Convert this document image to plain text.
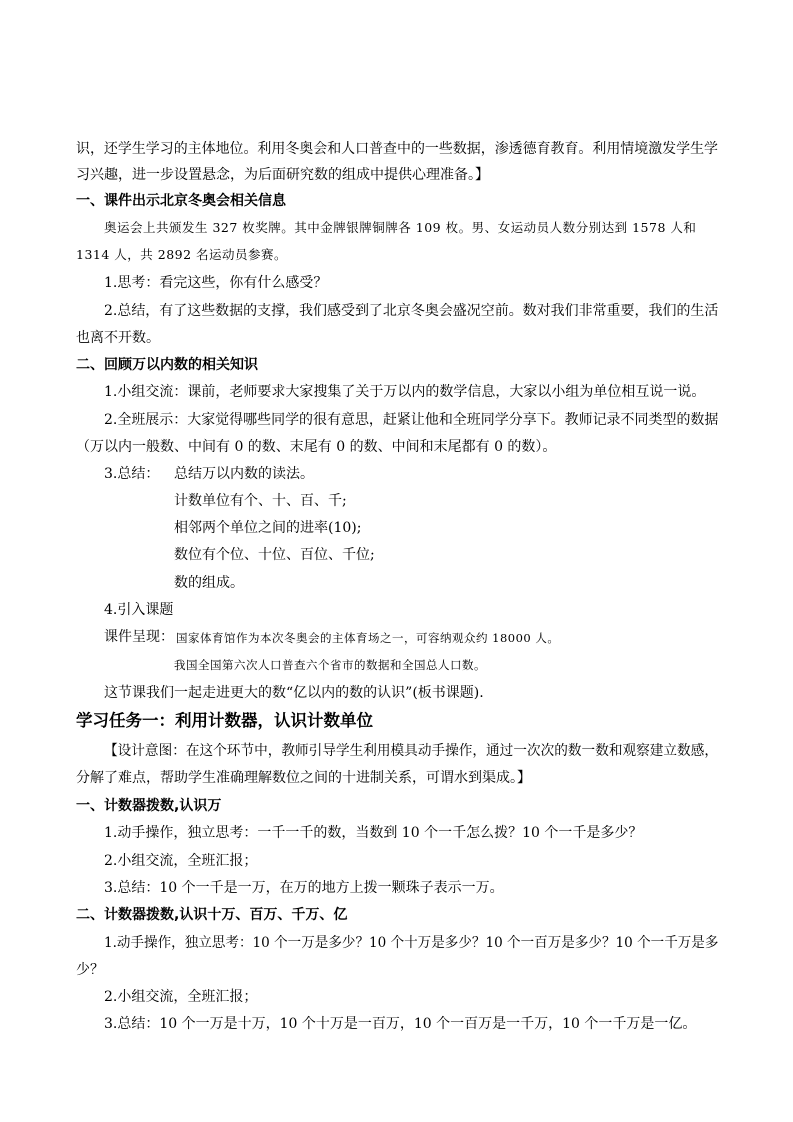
识，还学生学习的主体地位。利用冬奥会和人口普查中的一些数据，渗透德育教育。利用情境激发学生学
习兴趣，进一步设置悬念，为后面研究数的组成中提供心理准备。】
一、课件出示北京冬奥会相关信息
奥运会上共颁发生 327 枚奖牌。其中金牌银牌铜牌各 109 枚。男、女运动员人数分别达到 1578 人和
1314 人，共 2892 名运动员参赛。
1.思考：看完这些，你有什么感受？
2.总结，有了这些数据的支撑，我们感受到了北京冬奥会盛况空前。数对我们非常重要，我们的生活
也离不开数。
二、回顾万以内数的相关知识
1.小组交流：课前，老师要求大家搜集了关于万以内的数学信息，大家以小组为单位相互说一说。
2.全班展示：大家觉得哪些同学的很有意思，赶紧让他和全班同学分享下。教师记录不同类型的数据
（万以内一般数、中间有 0 的数、末尾有 0 的数、中间和末尾都有 0 的数）。
3.总结： 总结万以内数的读法。
计数单位有个、十、百、千;
相邻两个单位之间的进率(10);
数位有个位、十位、百位、千位;
数的组成。
4.引入课题
课件呈现： 国家体育馆作为本次冬奥会的主体育场之一，可容纳观众约 18000 人。
我国全国第六次人口普查六个省市的数据和全国总人口数。
这节课我们一起走进更大的数“亿以内的数的认识”(板书课题).
学习任务一：利用计数器，认识计数单位
【设计意图：在这个环节中，教师引导学生利用模具动手操作，通过一次次的数一数和观察建立数感，
分解了难点，帮助学生准确理解数位之间的十进制关系，可谓水到渠成。】
一、计数器拨数,认识万
1.动手操作，独立思考：一千一千的数，当数到 10 个一千怎么拨？10 个一千是多少？
2.小组交流，全班汇报；
3.总结：10 个一千是一万，在万的地方上拨一颗珠子表示一万。
二、计数器拨数,认识十万、百万、千万、亿
1.动手操作，独立思考：10 个一万是多少？10 个十万是多少？10 个一百万是多少？10 个一千万是多
少？
2.小组交流，全班汇报；
3.总结：10 个一万是十万，10 个十万是一百万，10 个一百万是一千万，10 个一千万是一亿。
